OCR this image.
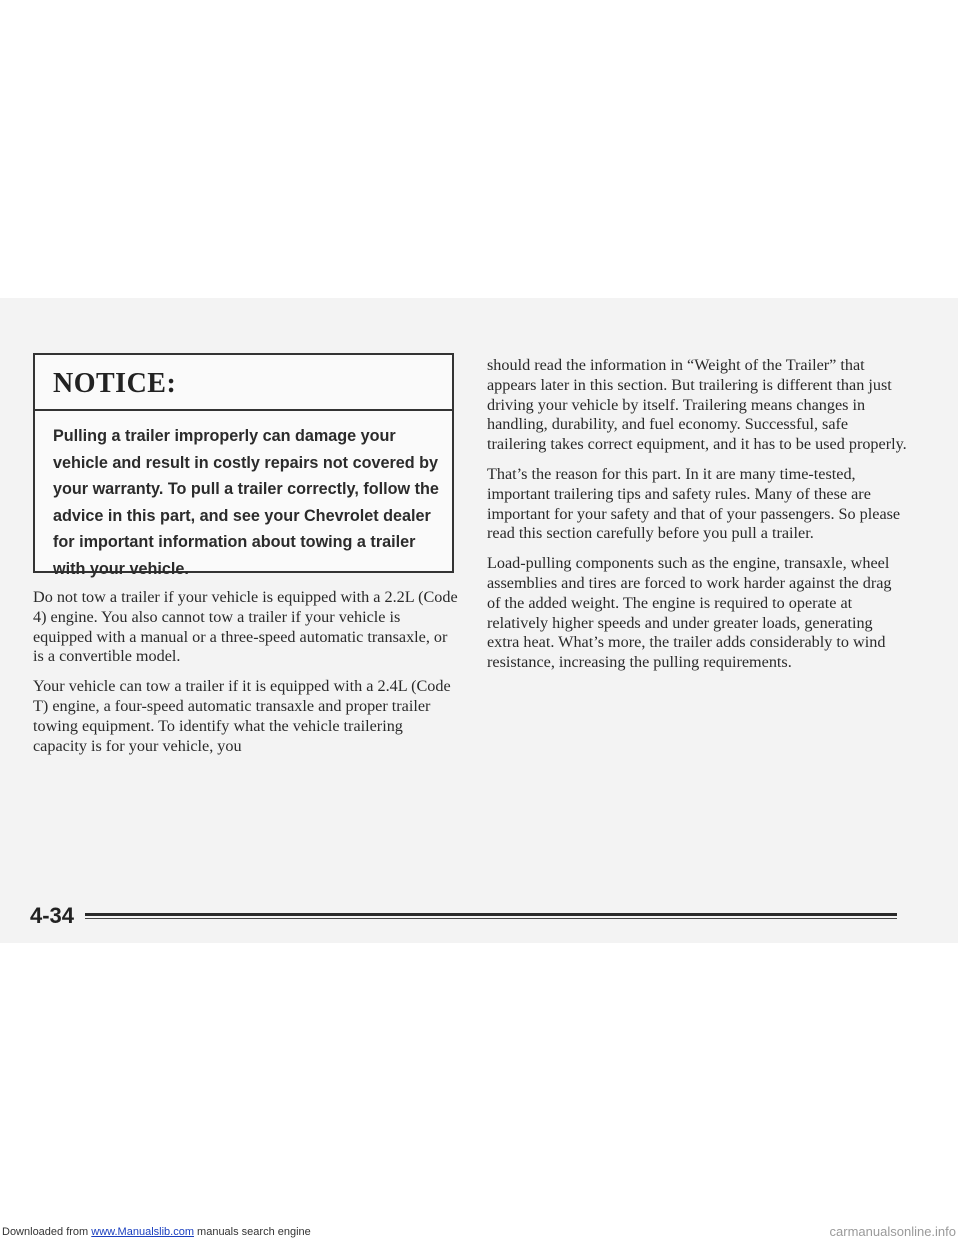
NOTICE:
Pulling a trailer improperly can damage your vehicle and result in costly repairs not covered by your warranty. To pull a trailer correctly, follow the advice in this part, and see your Chevrolet dealer for important information about towing a trailer with your vehicle.

Do not tow a trailer if your vehicle is equipped with a 2.2L (Code 4) engine. You also cannot tow a trailer if your vehicle is equipped with a manual or a three-speed automatic transaxle, or is a convertible model.

Your vehicle can tow a trailer if it is equipped with a 2.4L (Code T) engine, a four-speed automatic transaxle and proper trailer towing equipment. To identify what the vehicle trailering capacity is for your vehicle, you

should read the information in “Weight of the Trailer” that appears later in this section. But trailering is different than just driving your vehicle by itself. Trailering means changes in handling, durability, and fuel economy. Successful, safe trailering takes correct equipment, and it has to be used properly.

That’s the reason for this part. In it are many time-tested, important trailering tips and safety rules. Many of these are important for your safety and that of your passengers. So please read this section carefully before you pull a trailer.

Load-pulling components such as the engine, transaxle, wheel assemblies and tires are forced to work harder against the drag of the added weight. The engine is required to operate at relatively higher speeds and under greater loads, generating extra heat. What’s more, the trailer adds considerably to wind resistance, increasing the pulling requirements.

4-34
Downloaded from www.Manualslib.com manuals search engine	carmanualsonline.info
